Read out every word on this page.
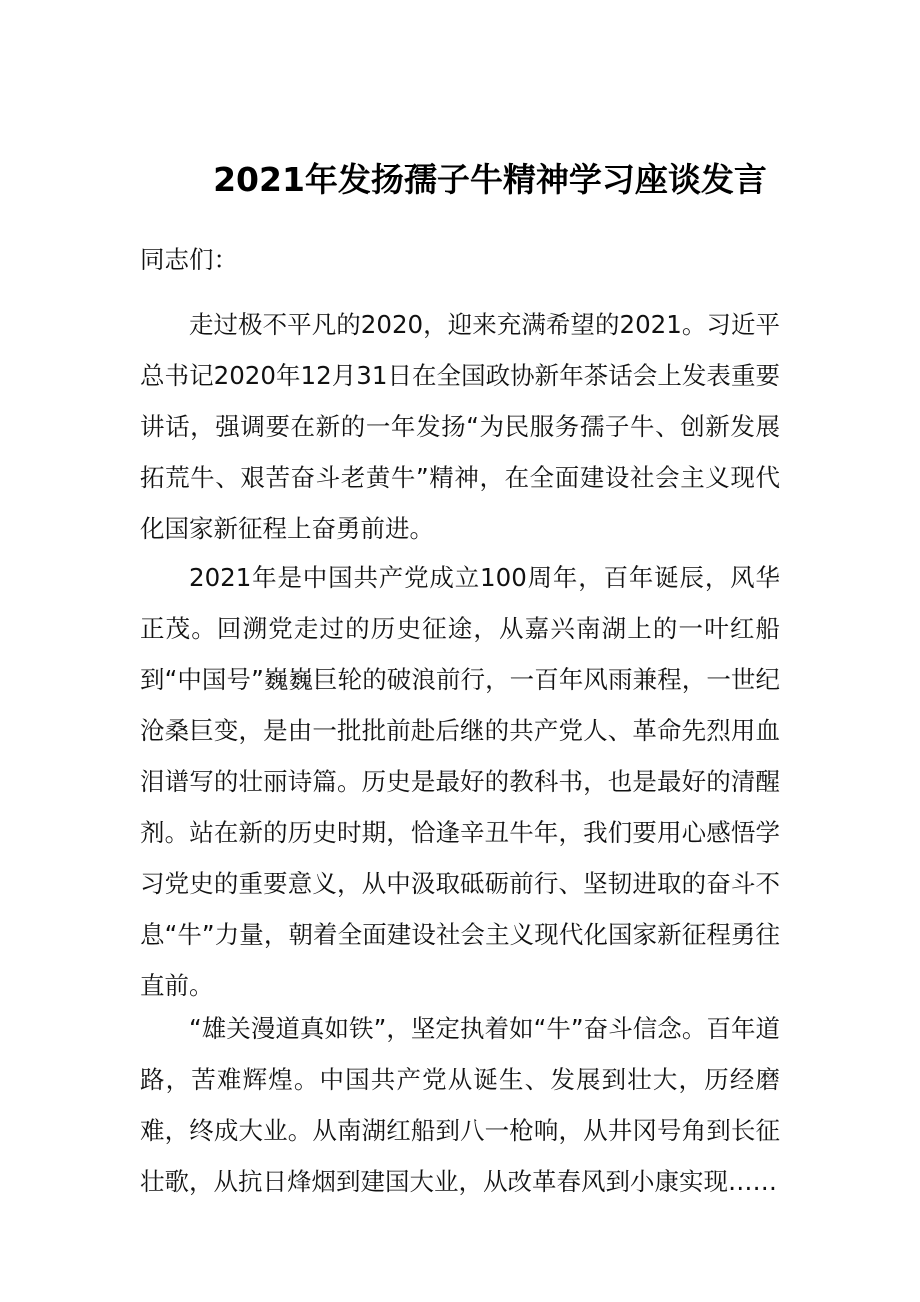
2021年发扬孺子牛精神学习座谈发言
同志们：

走过极不平凡的2020，迎来充满希望的2021。习近平总书记2020年12月31日在全国政协新年茶话会上发表重要讲话，强调要在新的一年发扬“为民服务孺子牛、创新发展拓荒牛、艰苦奋斗老黄牛”精神，在全面建设社会主义现代化国家新征程上奋勇前进。

2021年是中国共产党成立100周年，百年诞辰，风华正茂。回溯党走过的历史征途，从嘉兴南湖上的一叶红船到“中国号”巍巍巨轮的破浪前行，一百年风雨兼程，一世纪沧桑巨变，是由一批批前赴后继的共产党人、革命先烈用血泪谱写的壮丽诗篇。历史是最好的教科书，也是最好的清醒剂。站在新的历史时期，恰逢辛丑牛年，我们要用心感悟学习党史的重要意义，从中汲取砥砺前行、坚韧进取的奋斗不息“牛”力量，朝着全面建设社会主义现代化国家新征程勇往直前。

“雄关漫道真如铁”，坚定执着如“牛”奋斗信念。百年道路，苦难辉煌。中国共产党从诞生、发展到壮大，历经磨难，终成大业。从南湖红船到八一枪响，从井冈号角到长征壮歌，从抗日烽烟到建国大业，从改革春风到小康实现……
